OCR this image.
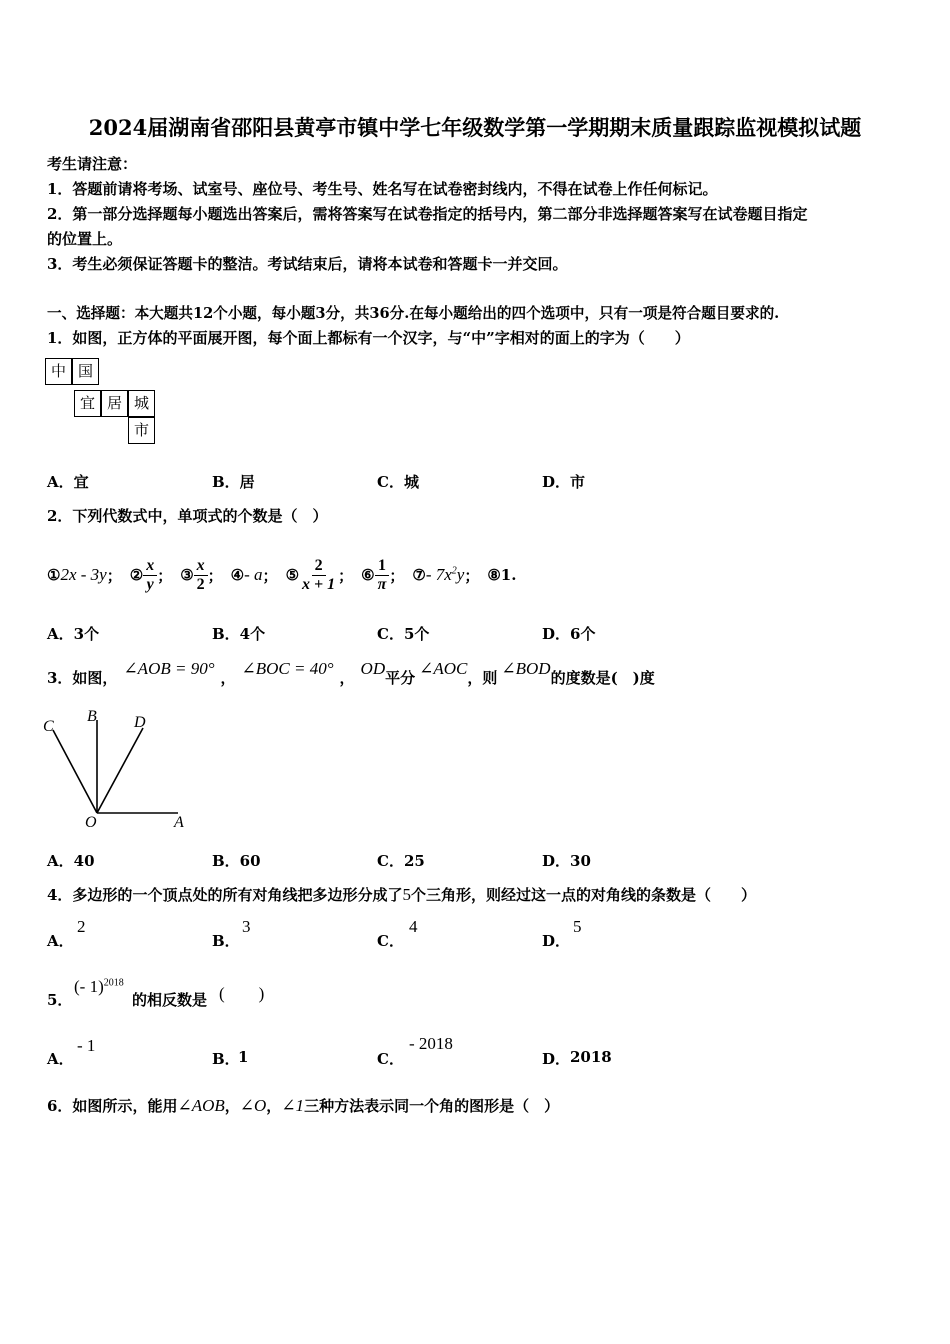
2024届湖南省邵阳县黄亭市镇中学七年级数学第一学期期末质量跟踪监视模拟试题
考生请注意：
1．答题前请将考场、试室号、座位号、考生号、姓名写在试卷密封线内，不得在试卷上作任何标记。
2．第一部分选择题每小题选出答案后，需将答案写在试卷指定的括号内，第二部分非选择题答案写在试卷题目指定
的位置上。
3．考生必须保证答题卡的整洁。考试结束后，请将本试卷和答题卡一并交回。
一、选择题：本大题共12个小题，每小题3分，共36分.在每小题给出的四个选项中，只有一项是符合题目要求的.
1．如图，正方体的平面展开图，每个面上都标有一个汉字，与“中”字相对的面上的字为（　　）
中 国
宜 居 城
市
A．宜	B．居	C．城	D．市
2．下列代数式中，单项式的个数是（　）
① 2x - 3y ； ② $\frac{x}{y}$ ； ③ $\frac{x}{2}$ ； ④ - a ； ⑤ $\frac{2}{x + 1}$ ； ⑥ $\frac{1}{\pi}$ ； ⑦ - $7x^2y$ ； ⑧ 1.
A．3个	B．4个	C．5个	D．6个
3．如图， ∠AOB = 90° ， ∠BOC = 40° ， OD 平分 ∠AOC ，则 ∠BOD 的度数是(　)度
C
B D
O	A
A．40	B．60	C．25	D．30
4．多边形的一个顶点处的所有对角线把多边形分成了5个三角形，则经过这一点的对角线的条数是（　　）
A．
2
B．
3
C．
4
D．
5
5．
(- 1)$^{2018}$
的相反数是 (　　)
A．
- 1
B．
1	C．
- 2018
D． 2018
6．如图所示，能用∠AOB，∠O，∠1三种方法表示同一个角的图形是（　）
